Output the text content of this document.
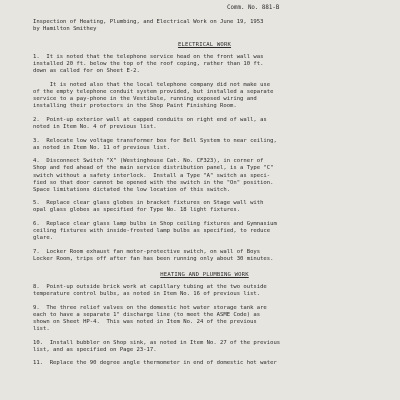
Comm. No. 881-B
Inspection of Heating, Plumbing, and Electrical Work on June 19, 1953
by Hamilton Smithey
ELECTRICAL WORK
1.  It is noted that the telephone service head on the front wall was
installed 20 ft. below the top of the roof coping, rather than 10 ft.
down as called for on Sheet E-2.
It is noted also that the local telephone company did not make use
of the empty telephone conduit system provided, but installed a separate
service to a pay-phone in the Vestibule, running exposed wiring and
installing their protectors in the Shop Paint Finishing Room.
2.  Point-up exterior wall at capped conduits on right end of wall, as
noted in Item No. 4 of previous list.
3.  Relocate low voltage transformer box for Bell System to near ceiling,
as noted in Item No. 11 of previous list.
4.  Disconnect Switch "X" (Westinghouse Cat. No. CF323), in corner of
Shop and fed ahead of the main service distribution panel, is a Type "C"
switch without a safety interlock.  Install a Type "A" switch as speci-
fied so that door cannot be opened with the switch in the "On" position.
Space limitations dictated the low location of this switch.
5.  Replace clear glass globes in bracket fixtures on Stage wall with
opal glass globes as specified for Type No. 18 light fixtures.
6.  Replace clear glass lamp bulbs in Shop ceiling fixtures and Gymnasium
ceiling fixtures with inside-frosted lamp bulbs as specified, to reduce
glare.
7.  Locker Room exhaust fan motor-protective switch, on wall of Boys
Locker Room, trips off after fan has been running only about 30 minutes.
HEATING AND PLUMBING WORK
8.  Point-up outside brick work at capillary tubing at the two outside
temperature control bulbs, as noted in Item No. 16 of previous list.
9.  The three relief valves on the domestic hot water storage tank are
each to have a separate 1" discharge line (to meet the ASME Code) as
shown on Sheet HP-4.  This was noted in Item No. 24 of the previous
list.
10.  Install bubbler on Shop sink, as noted in Item No. 27 of the previous
list, and as specified on Page 23-17.
11.  Replace the 90 degree angle thermometer in end of domestic hot water
